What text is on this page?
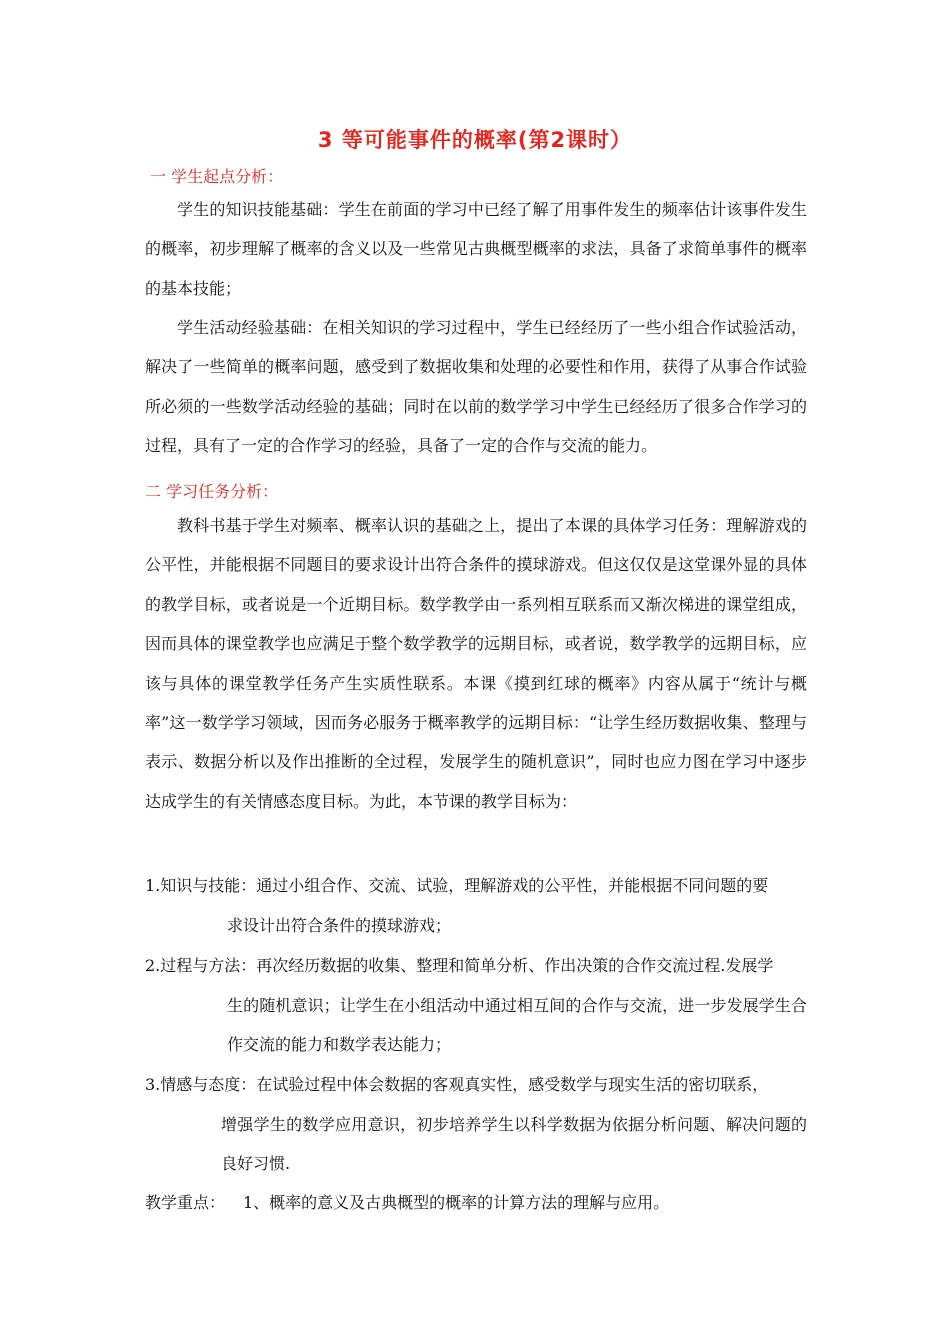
3 等可能事件的概率(第2课时）
一 学生起点分析：
学生的知识技能基础：学生在前面的学习中已经了解了用事件发生的频率估计该事件发生的概率，初步理解了概率的含义以及一些常见古典概型概率的求法，具备了求简单事件的概率的基本技能；
学生活动经验基础：在相关知识的学习过程中，学生已经经历了一些小组合作试验活动，解决了一些简单的概率问题，感受到了数据收集和处理的必要性和作用，获得了从事合作试验所必须的一些数学活动经验的基础；同时在以前的数学学习中学生已经经历了很多合作学习的过程，具有了一定的合作学习的经验，具备了一定的合作与交流的能力。
二 学习任务分析：
教科书基于学生对频率、概率认识的基础之上，提出了本课的具体学习任务：理解游戏的公平性，并能根据不同题目的要求设计出符合条件的摸球游戏。但这仅仅是这堂课外显的具体的教学目标，或者说是一个近期目标。数学教学由一系列相互联系而又渐次梯进的课堂组成，因而具体的课堂教学也应满足于整个数学教学的远期目标，或者说，数学教学的远期目标，应该与具体的课堂教学任务产生实质性联系。本课《摸到红球的概率》内容从属于“统计与概率”这一数学学习领域，因而务必服务于概率教学的远期目标：“让学生经历数据收集、整理与表示、数据分析以及作出推断的全过程，发展学生的随机意识”，同时也应力图在学习中逐步达成学生的有关情感态度目标。为此，本节课的教学目标为：
1.知识与技能：通过小组合作、交流、试验，理解游戏的公平性，并能根据不同问题的要
求设计出符合条件的摸球游戏；
2.过程与方法：再次经历数据的收集、整理和简单分析、作出决策的合作交流过程.发展学
生的随机意识；让学生在小组活动中通过相互间的合作与交流，进一步发展学生合作交流的能力和数学表达能力；
3.情感与态度：在试验过程中体会数据的客观真实性，感受数学与现实生活的密切联系，
增强学生的数学应用意识，初步培养学生以科学数据为依据分析问题、解决问题的良好习惯.
教学重点： 1、概率的意义及古典概型的概率的计算方法的理解与应用。
